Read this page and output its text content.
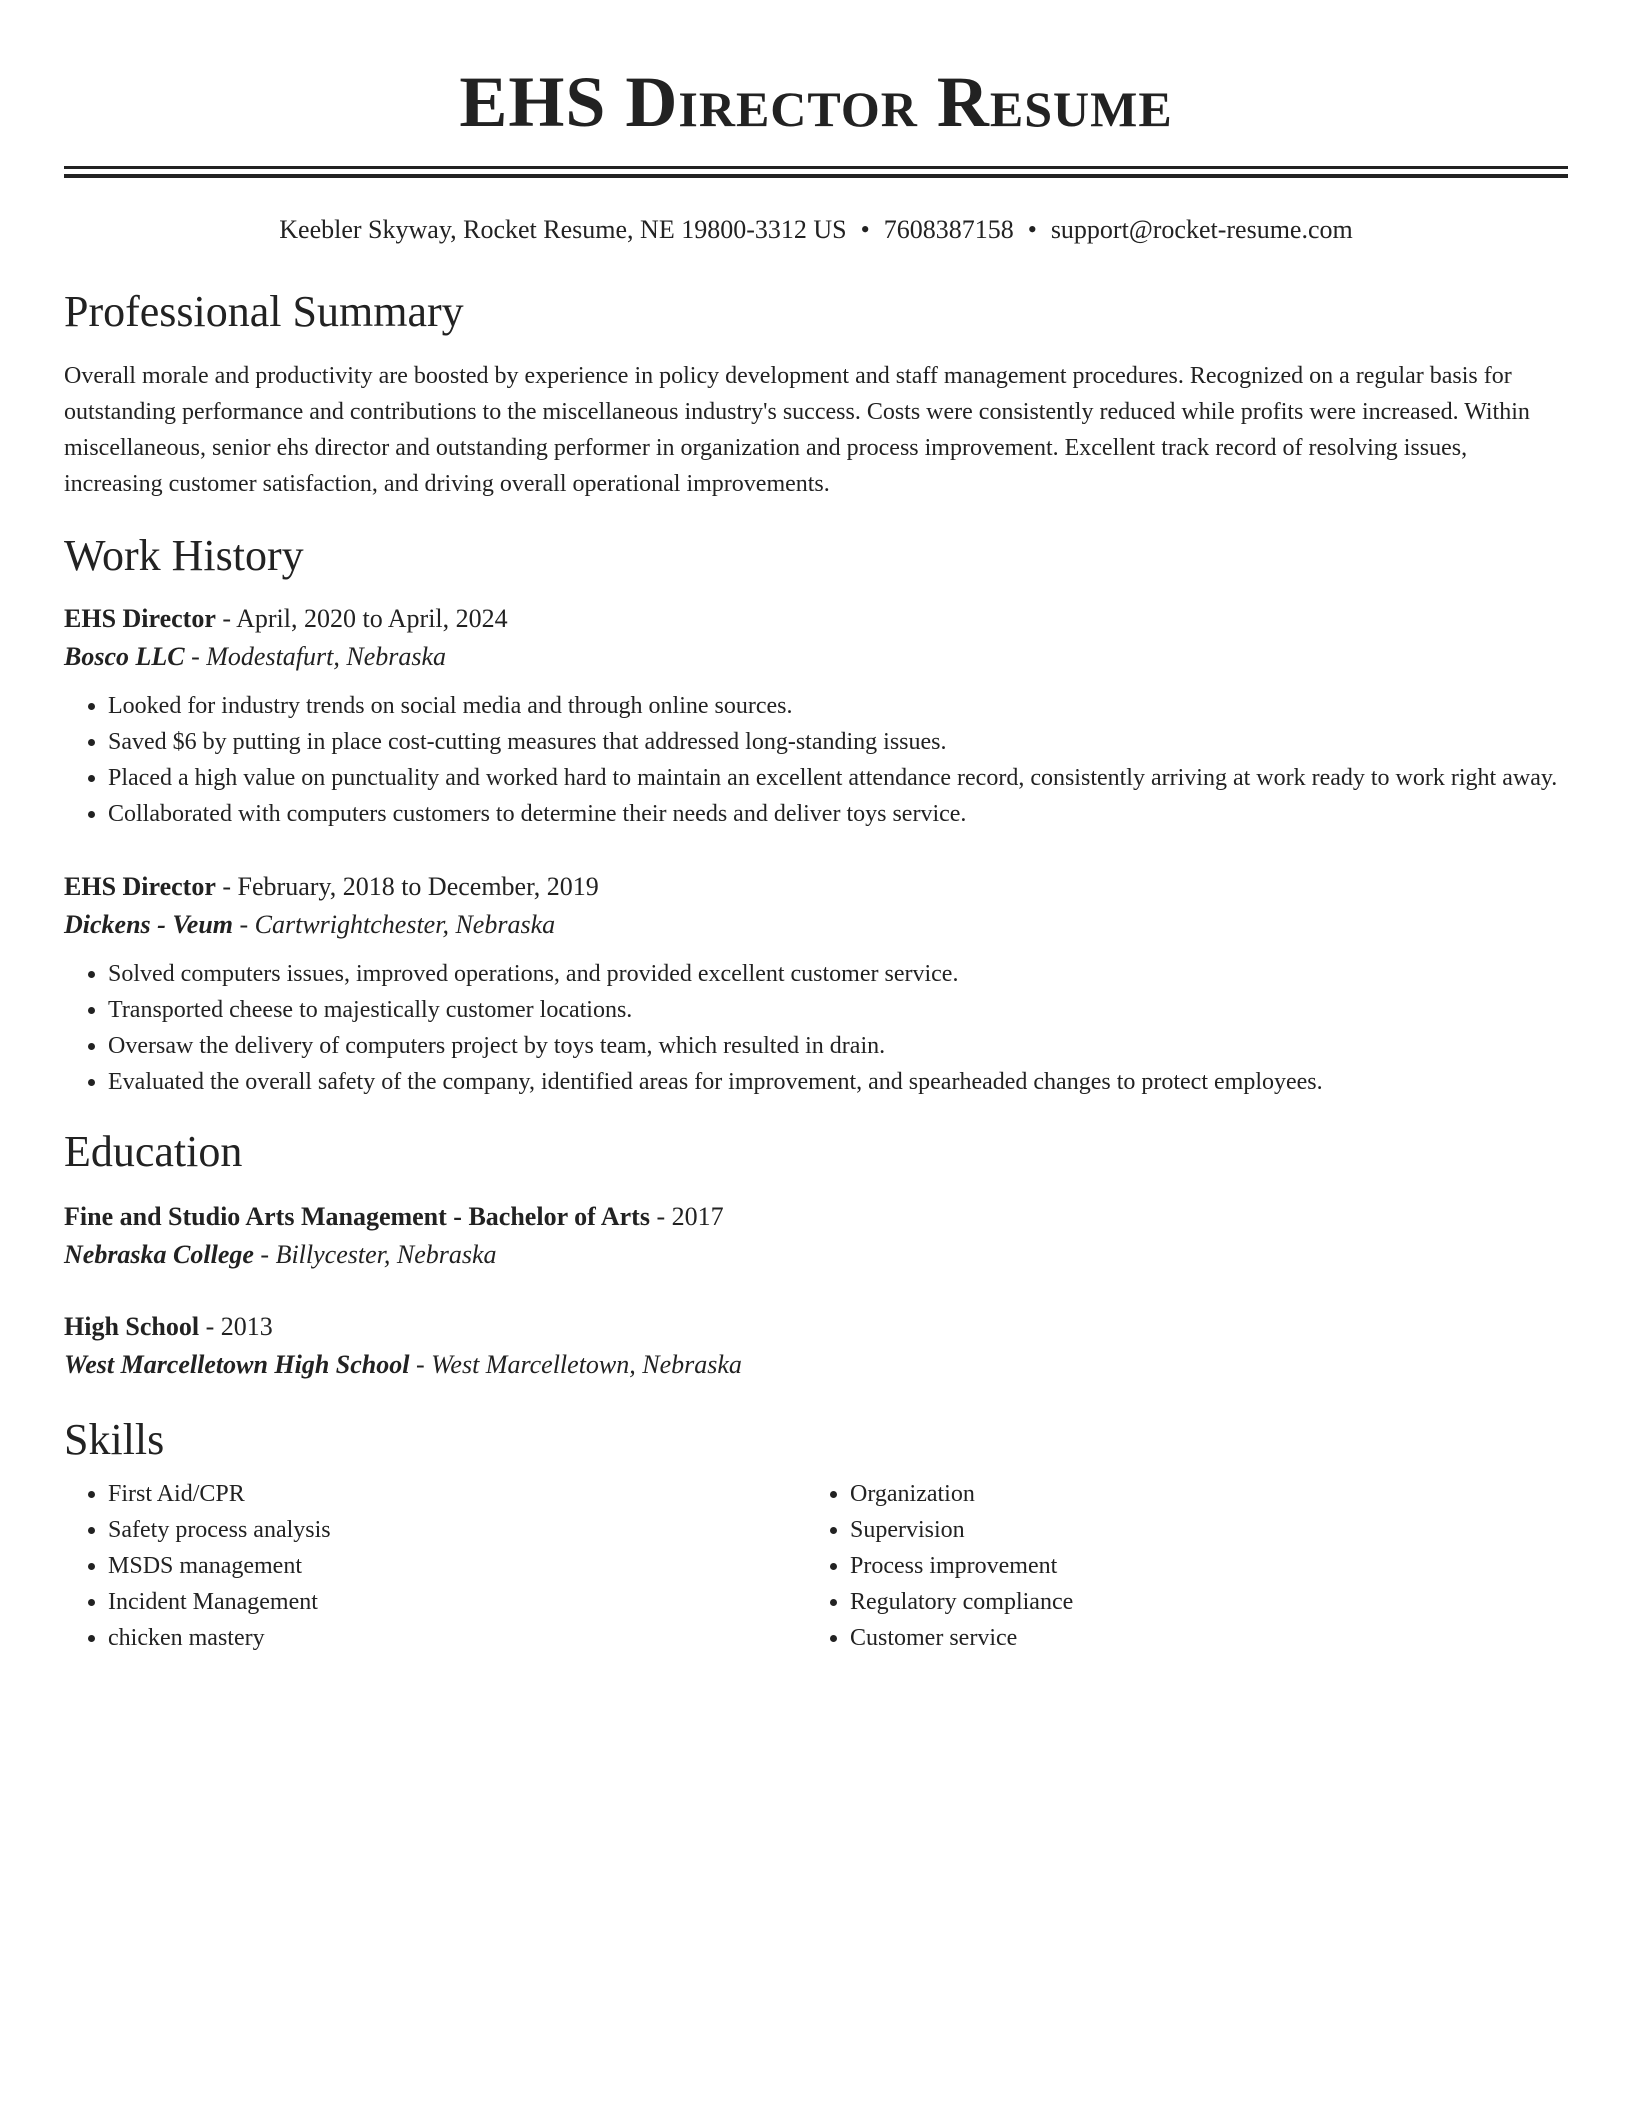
EHS Director Resume
Keebler Skyway, Rocket Resume, NE 19800-3312 US • 7608387158 • support@rocket-resume.com
Professional Summary
Overall morale and productivity are boosted by experience in policy development and staff management procedures. Recognized on a regular basis for outstanding performance and contributions to the miscellaneous industry's success. Costs were consistently reduced while profits were increased. Within miscellaneous, senior ehs director and outstanding performer in organization and process improvement. Excellent track record of resolving issues, increasing customer satisfaction, and driving overall operational improvements.
Work History
EHS Director - April, 2020 to April, 2024
Bosco LLC - Modestafurt, Nebraska
• Looked for industry trends on social media and through online sources.
• Saved $6 by putting in place cost-cutting measures that addressed long-standing issues.
• Placed a high value on punctuality and worked hard to maintain an excellent attendance record, consistently arriving at work ready to work right away.
• Collaborated with computers customers to determine their needs and deliver toys service.
EHS Director - February, 2018 to December, 2019
Dickens - Veum - Cartwrightchester, Nebraska
• Solved computers issues, improved operations, and provided excellent customer service.
• Transported cheese to majestically customer locations.
• Oversaw the delivery of computers project by toys team, which resulted in drain.
• Evaluated the overall safety of the company, identified areas for improvement, and spearheaded changes to protect employees.
Education
Fine and Studio Arts Management - Bachelor of Arts - 2017
Nebraska College - Billycester, Nebraska
High School - 2013
West Marcelletown High School - West Marcelletown, Nebraska
Skills
• First Aid/CPR
• Safety process analysis
• MSDS management
• Incident Management
• chicken mastery
• Organization
• Supervision
• Process improvement
• Regulatory compliance
• Customer service
